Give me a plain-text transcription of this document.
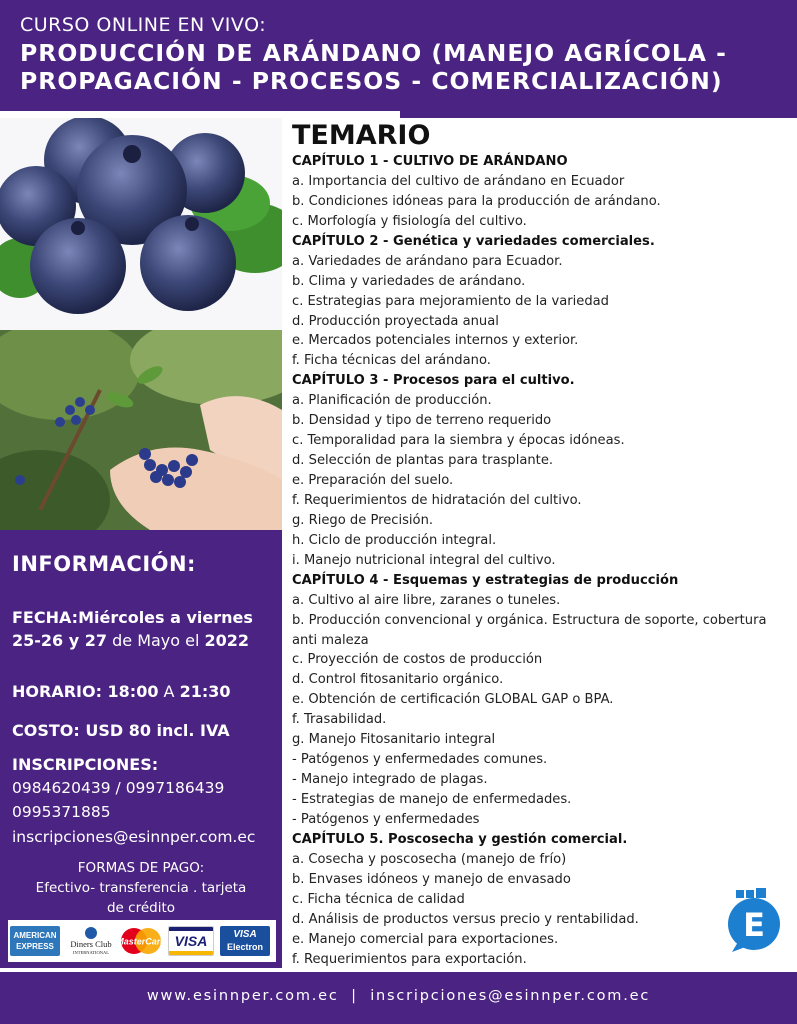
CURSO ONLINE EN VIVO:
PRODUCCIÓN DE ARÁNDANO (MANEJO AGRÍCOLA -
PROPAGACIÓN - PROCESOS - COMERCIALIZACIÓN)
INFORMACIÓN:
FECHA:Miércoles a viernes
25-26 y 27 de Mayo el 2022
HORARIO: 18:00 A 21:30
COSTO: USD 80 incl. IVA
INSCRIPCIONES:
0984620439 / 0997186439
0995371885
inscripciones@esinnper.com.ec
FORMAS DE PAGO:
Efectivo- transferencia . tarjeta
de crédito
AMERICAN
EXPRESS	Diners Club
INTERNATIONAL
MasterCard VISA	VISA
Electron
TEMARIO
CAPÍTULO 1 - CULTIVO DE ARÁNDANO
a. Importancia del cultivo de arándano en Ecuador
b. Condiciones idóneas para la producción de arándano.
c. Morfología y fisiología del cultivo.
CAPÍTULO 2 - Genética y variedades comerciales.
a. Variedades de arándano para Ecuador.
b. Clima y variedades de arándano.
c. Estrategias para mejoramiento de la variedad
d. Producción proyectada anual
e. Mercados potenciales internos y exterior.
f. Ficha técnicas del arándano.
CAPÍTULO 3 - Procesos para el cultivo.
a. Planificación de producción.
b. Densidad y tipo de terreno requerido
c. Temporalidad para la siembra y épocas idóneas.
d. Selección de plantas para trasplante.
e. Preparación del suelo.
f. Requerimientos de hidratación del cultivo.
g. Riego de Precisión.
h. Ciclo de producción integral.
i. Manejo nutricional integral del cultivo.
CAPÍTULO 4 - Esquemas y estrategias de producción
a. Cultivo al aire libre, zaranes o tuneles.
b. Producción convencional y orgánica. Estructura de soporte, cobertura anti maleza
c. Proyección de costos de producción
d. Control fitosanitario orgánico.
e. Obtención de certificación GLOBAL GAP o BPA.
f. Trasabilidad.
g. Manejo Fitosanitario integral
- Patógenos y enfermedades comunes.
- Manejo integrado de plagas.
- Estrategias de manejo de enfermedades.
- Patógenos y enfermedades
CAPÍTULO 5. Poscosecha y gestión comercial.
a. Cosecha y poscosecha (manejo de frío)
b. Envases idóneos y manejo de envasado
c. Ficha técnica de calidad
d. Análisis de productos versus precio y rentabilidad.
e. Manejo comercial para exportaciones.
f. Requerimientos para exportación.
E
www.esinnper.com.ec | inscripciones@esinnper.com.ec
